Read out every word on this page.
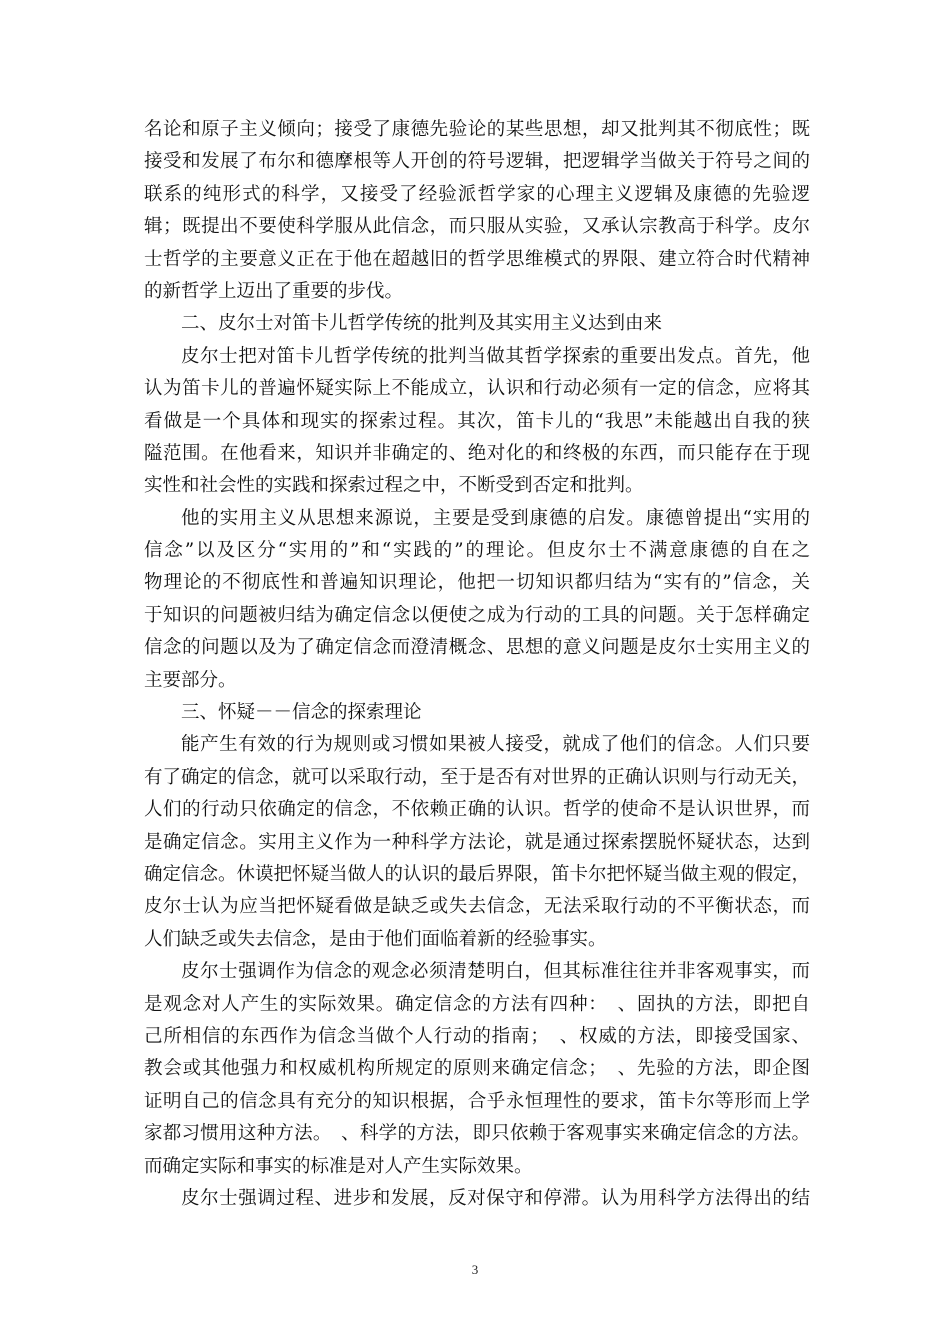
名论和原子主义倾向；接受了康德先验论的某些思想，却又批判其不彻底性；既
接受和发展了布尔和德摩根等人开创的符号逻辑，把逻辑学当做关于符号之间的
联系的纯形式的科学，又接受了经验派哲学家的心理主义逻辑及康德的先验逻
辑；既提出不要使科学服从此信念，而只服从实验，又承认宗教高于科学。皮尔
士哲学的主要意义正在于他在超越旧的哲学思维模式的界限、建立符合时代精神
的新哲学上迈出了重要的步伐。
二、皮尔士对笛卡儿哲学传统的批判及其实用主义达到由来
皮尔士把对笛卡儿哲学传统的批判当做其哲学探索的重要出发点。首先，他
认为笛卡儿的普遍怀疑实际上不能成立，认识和行动必须有一定的信念，应将其
看做是一个具体和现实的探索过程。其次，笛卡儿的“我思”未能越出自我的狭
隘范围。在他看来，知识并非确定的、绝对化的和终极的东西，而只能存在于现
实性和社会性的实践和探索过程之中，不断受到否定和批判。
他的实用主义从思想来源说，主要是受到康德的启发。康德曾提出“实用的
信念”以及区分“实用的”和“实践的”的理论。但皮尔士不满意康德的自在之
物理论的不彻底性和普遍知识理论，他把一切知识都归结为“实有的”信念，关
于知识的问题被归结为确定信念以便使之成为行动的工具的问题。关于怎样确定
信念的问题以及为了确定信念而澄清概念、思想的意义问题是皮尔士实用主义的
主要部分。
三、怀疑－－信念的探索理论
能产生有效的行为规则或习惯如果被人接受，就成了他们的信念。人们只要
有了确定的信念，就可以采取行动，至于是否有对世界的正确认识则与行动无关，
人们的行动只依确定的信念，不依赖正确的认识。哲学的使命不是认识世界，而
是确定信念。实用主义作为一种科学方法论，就是通过探索摆脱怀疑状态，达到
确定信念。休谟把怀疑当做人的认识的最后界限，笛卡尔把怀疑当做主观的假定，
皮尔士认为应当把怀疑看做是缺乏或失去信念，无法采取行动的不平衡状态，而
人们缺乏或失去信念，是由于他们面临着新的经验事实。
皮尔士强调作为信念的观念必须清楚明白，但其标准往往并非客观事实，而
是观念对人产生的实际效果。确定信念的方法有四种：　、固执的方法，即把自
己所相信的东西作为信念当做个人行动的指南；　、权威的方法，即接受国家、
教会或其他强力和权威机构所规定的原则来确定信念；　、先验的方法，即企图
证明自己的信念具有充分的知识根据，合乎永恒理性的要求，笛卡尔等形而上学
家都习惯用这种方法。　、科学的方法，即只依赖于客观事实来确定信念的方法。
而确定实际和事实的标准是对人产生实际效果。
皮尔士强调过程、进步和发展，反对保守和停滞。认为用科学方法得出的结
3
